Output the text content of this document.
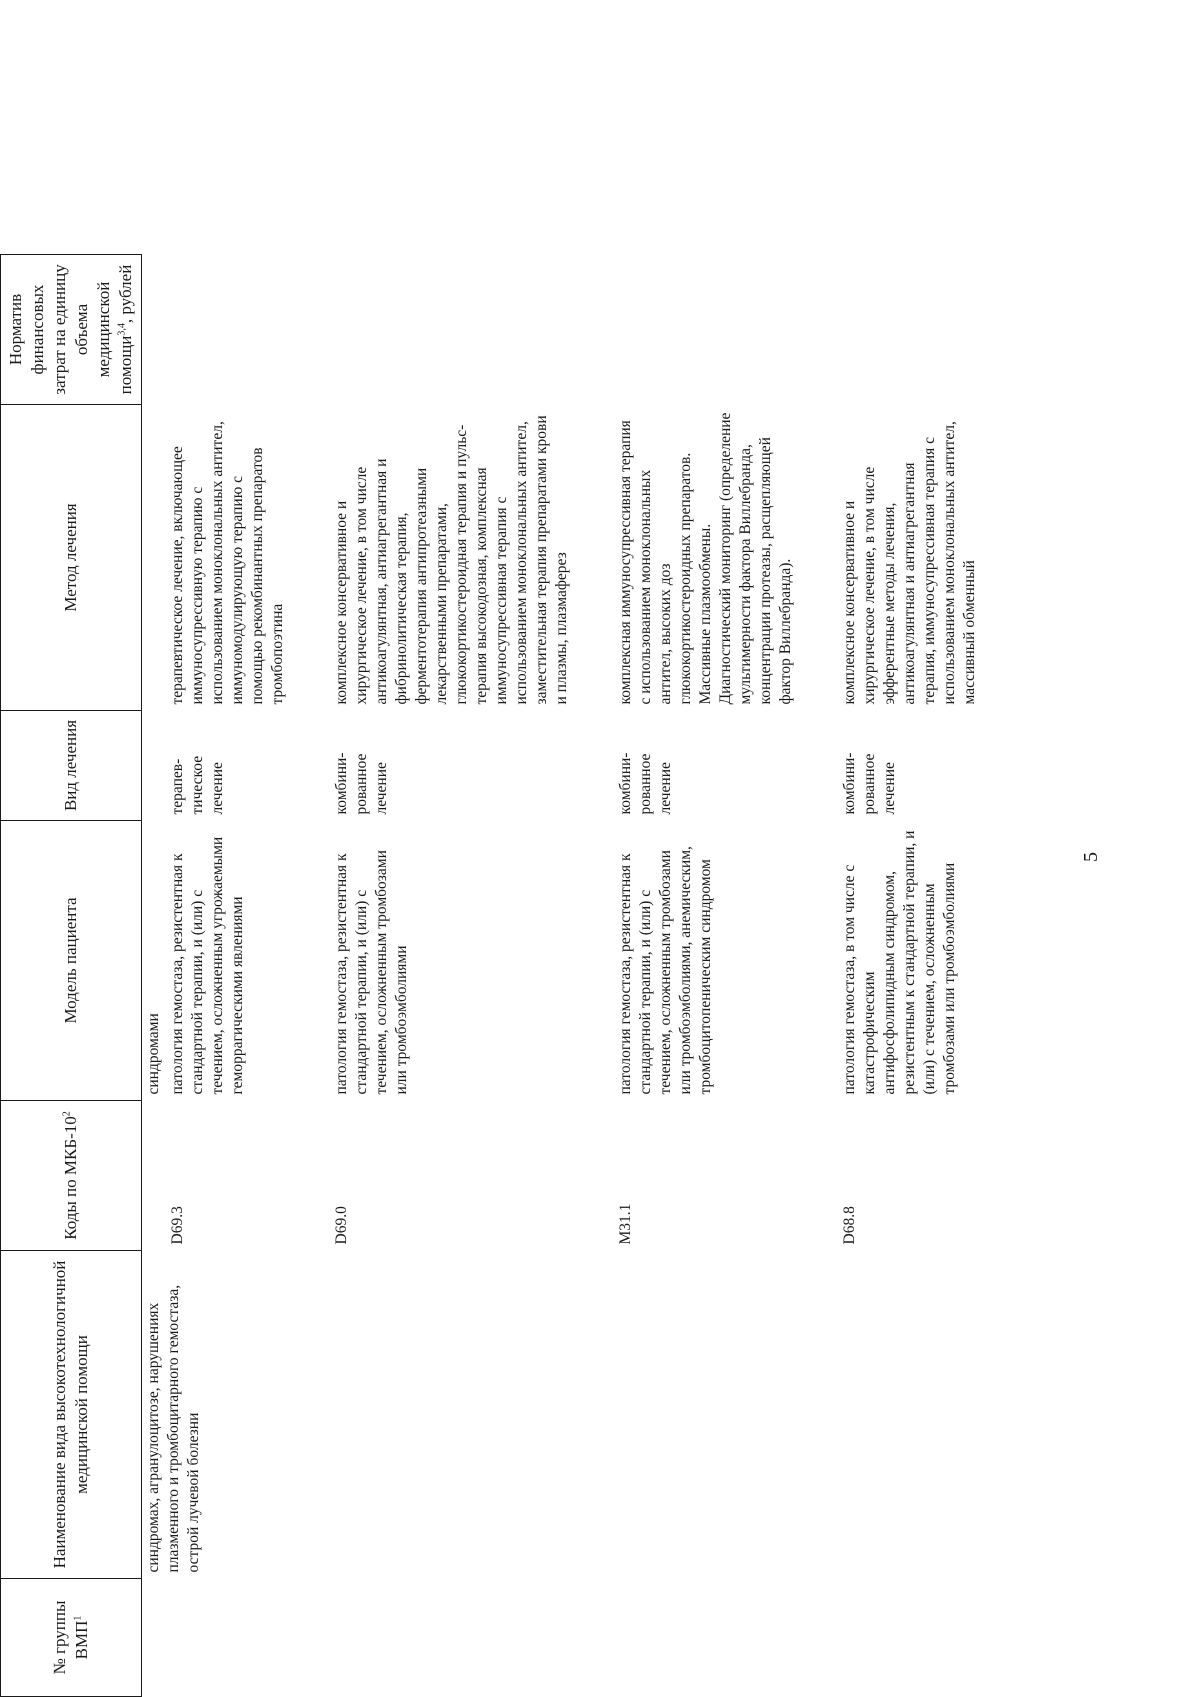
№ группы ВМП$^1$	Наименование вида высокотехнологичной медицинской помощи	Коды по МКБ-$10^2$	Модель пациента	Вид лечения	Метод лечения	Норматив финансовых затрат на единицу объема медицинской помощи$^{3,4}$, рублей
	синдромах, агранулоцитозе, нарушениях плазменного и тромбоцитарного гемостаза, острой лучевой болезни		синдромами			
		D69.3	патология гемостаза, резистентная к стандартной терапии, и (или) с течением, осложненным угрожаемыми геморрагическими явлениями	терапев-тическое лечение	терапевтическое лечение, включающее иммуносупрессивную терапию с использованием моноклональных антител, иммуномодулирующую терапию с помощью рекомбинантных препаратов тромбопоэтина	

		D69.0	патология гемостаза, резистентная к стандартной терапии, и (или) с течением, осложненным тромбозами или тромбоэмболиями	комбини-рованное лечение	комплексное консервативное и хирургическое лечение, в том числе антикоагулянтная, антиагрегантная и фибринолитическая терапия, ферментотерапия антипротеазными лекарственными препаратами, глюкокортикостероидная терапия и пульс-терапия высокодозная, комплексная иммуносупрессивная терапия с использованием моноклональных антител, заместительная терапия препаратами крови и плазмы, плазмаферез	

		M31.1	патология гемостаза, резистентная к стандартной терапии, и (или) с течением, осложненным тромбозами или тромбоэмболиями, анемическим, тромбоцитопеническим синдромом	комбини-рованное лечение	комплексная иммуносупрессивная терапия с использованием моноклональных антител, высоких доз глюкокортикостероидных препаратов. Массивные плазмообмены. Диагностический мониторинг (определение мультимерности фактора Виллебранда, концентрации протеазы, расщепляющей фактор Виллебранда).	

		D68.8	патология гемостаза, в том числе с катастрофическим антифосфолипидным синдромом, резистентным к стандартной терапии, и (или) с течением, осложненным тромбозами или тромбоэмболиями	комбини-рованное лечение	комплексное консервативное и хирургическое лечение, в том числе эфферентные методы лечения, антикоагулянтная и антиагрегантная терапия, иммуносупрессивная терапия с использованием моноклональных антител, массивный обменный	
5
